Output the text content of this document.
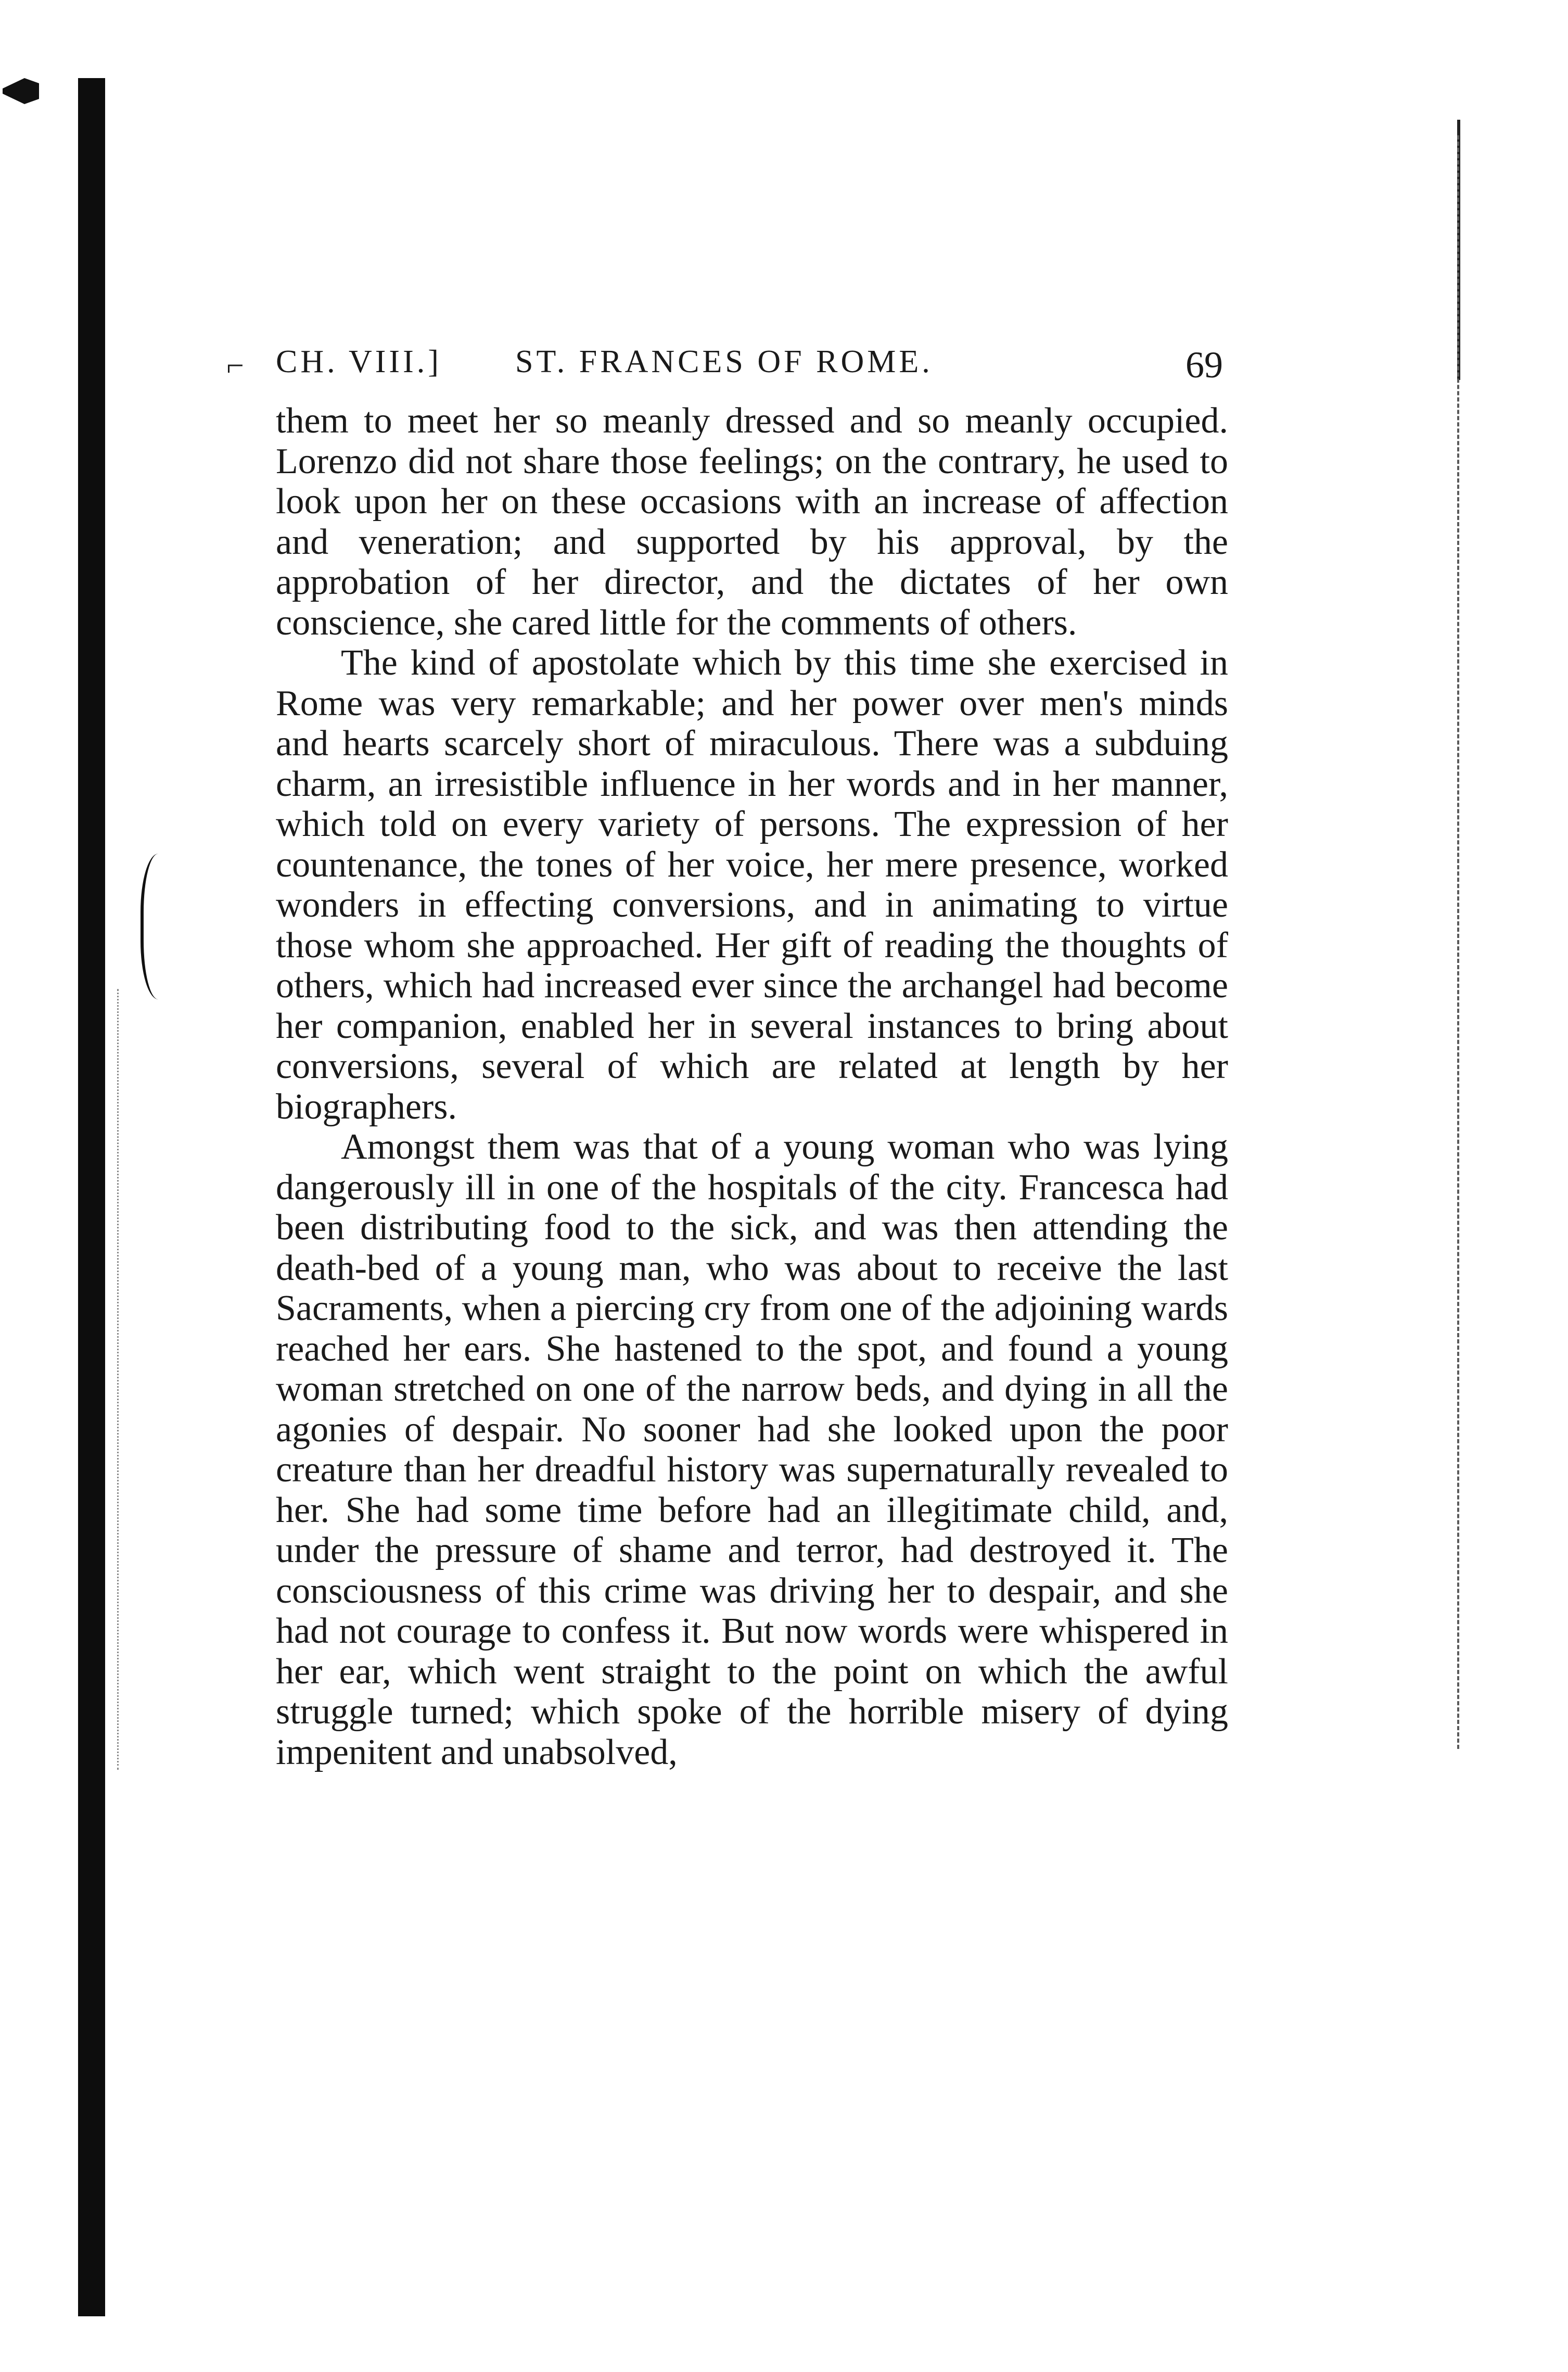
⌐ CH. VIII.] ST. FRANCES OF ROME.	69

them to meet her so meanly dressed and so meanly occupied. Lorenzo did not share those feelings; on the contrary, he used to look upon her on these occasions with an increase of affection and veneration; and supported by his approval, by the approbation of her director, and the dictates of her own conscience, she cared little for the comments of others.

The kind of apostolate which by this time she exercised in Rome was very remarkable; and her power over men's minds and hearts scarcely short of miraculous. There was a subduing charm, an irresistible influence in her words and in her manner, which told on every variety of persons. The expression of her countenance, the tones of her voice, her mere presence, worked wonders in effecting conversions, and in animating to virtue those whom she approached. Her gift of reading the thoughts of others, which had increased ever since the archangel had become her companion, enabled her in several instances to bring about conversions, several of which are related at length by her biographers.

Amongst them was that of a young woman who was lying dangerously ill in one of the hospitals of the city. Francesca had been distributing food to the sick, and was then attending the death-bed of a young man, who was about to receive the last Sacraments, when a piercing cry from one of the adjoining wards reached her ears. She hastened to the spot, and found a young woman stretched on one of the narrow beds, and dying in all the agonies of despair. No sooner had she looked upon the poor creature than her dreadful history was supernaturally revealed to her. She had some time before had an illegitimate child, and, under the pressure of shame and terror, had destroyed it. The consciousness of this crime was driving her to despair, and she had not courage to confess it. But now words were whispered in her ear, which went straight to the point on which the awful struggle turned; which spoke of the horrible misery of dying impenitent and unabsolved,
